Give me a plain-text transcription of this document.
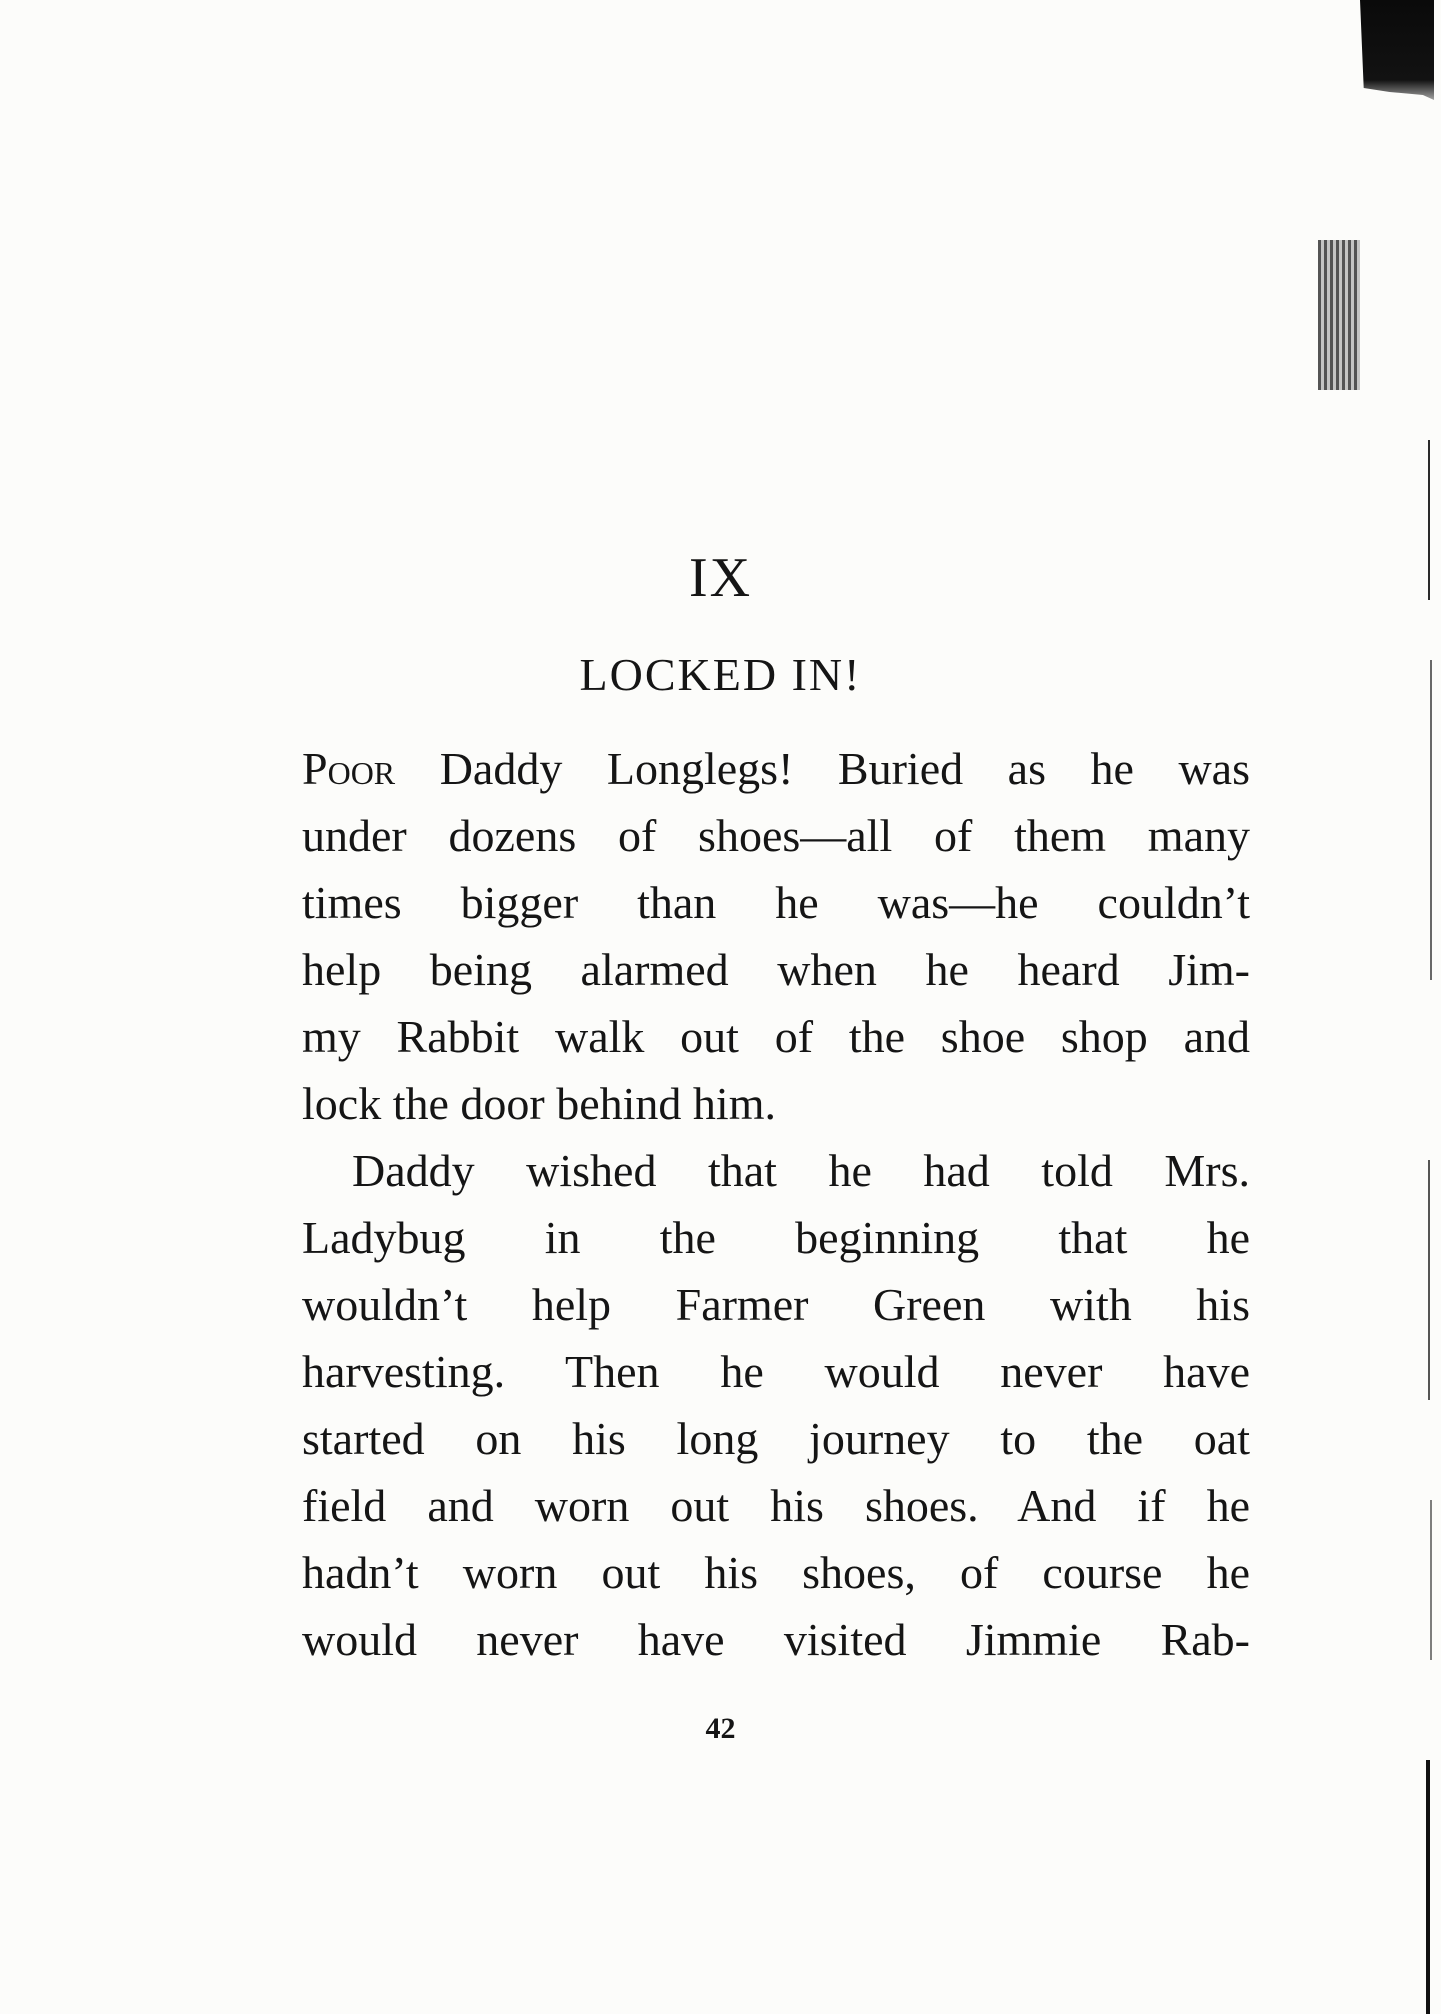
IX
LOCKED IN!
Poor Daddy Longlegs! Buried as he was
under dozens of shoes—all of them many
times bigger than he was—he couldn’t
help being alarmed when he heard Jim-
my Rabbit walk out of the shoe shop and
lock the door behind him.
Daddy wished that he had told Mrs.
Ladybug in the beginning that he
wouldn’t help Farmer Green with his
harvesting. Then he would never have
started on his long journey to the oat
field and worn out his shoes. And if he
hadn’t worn out his shoes, of course he
would never have visited Jimmie Rab-
42
